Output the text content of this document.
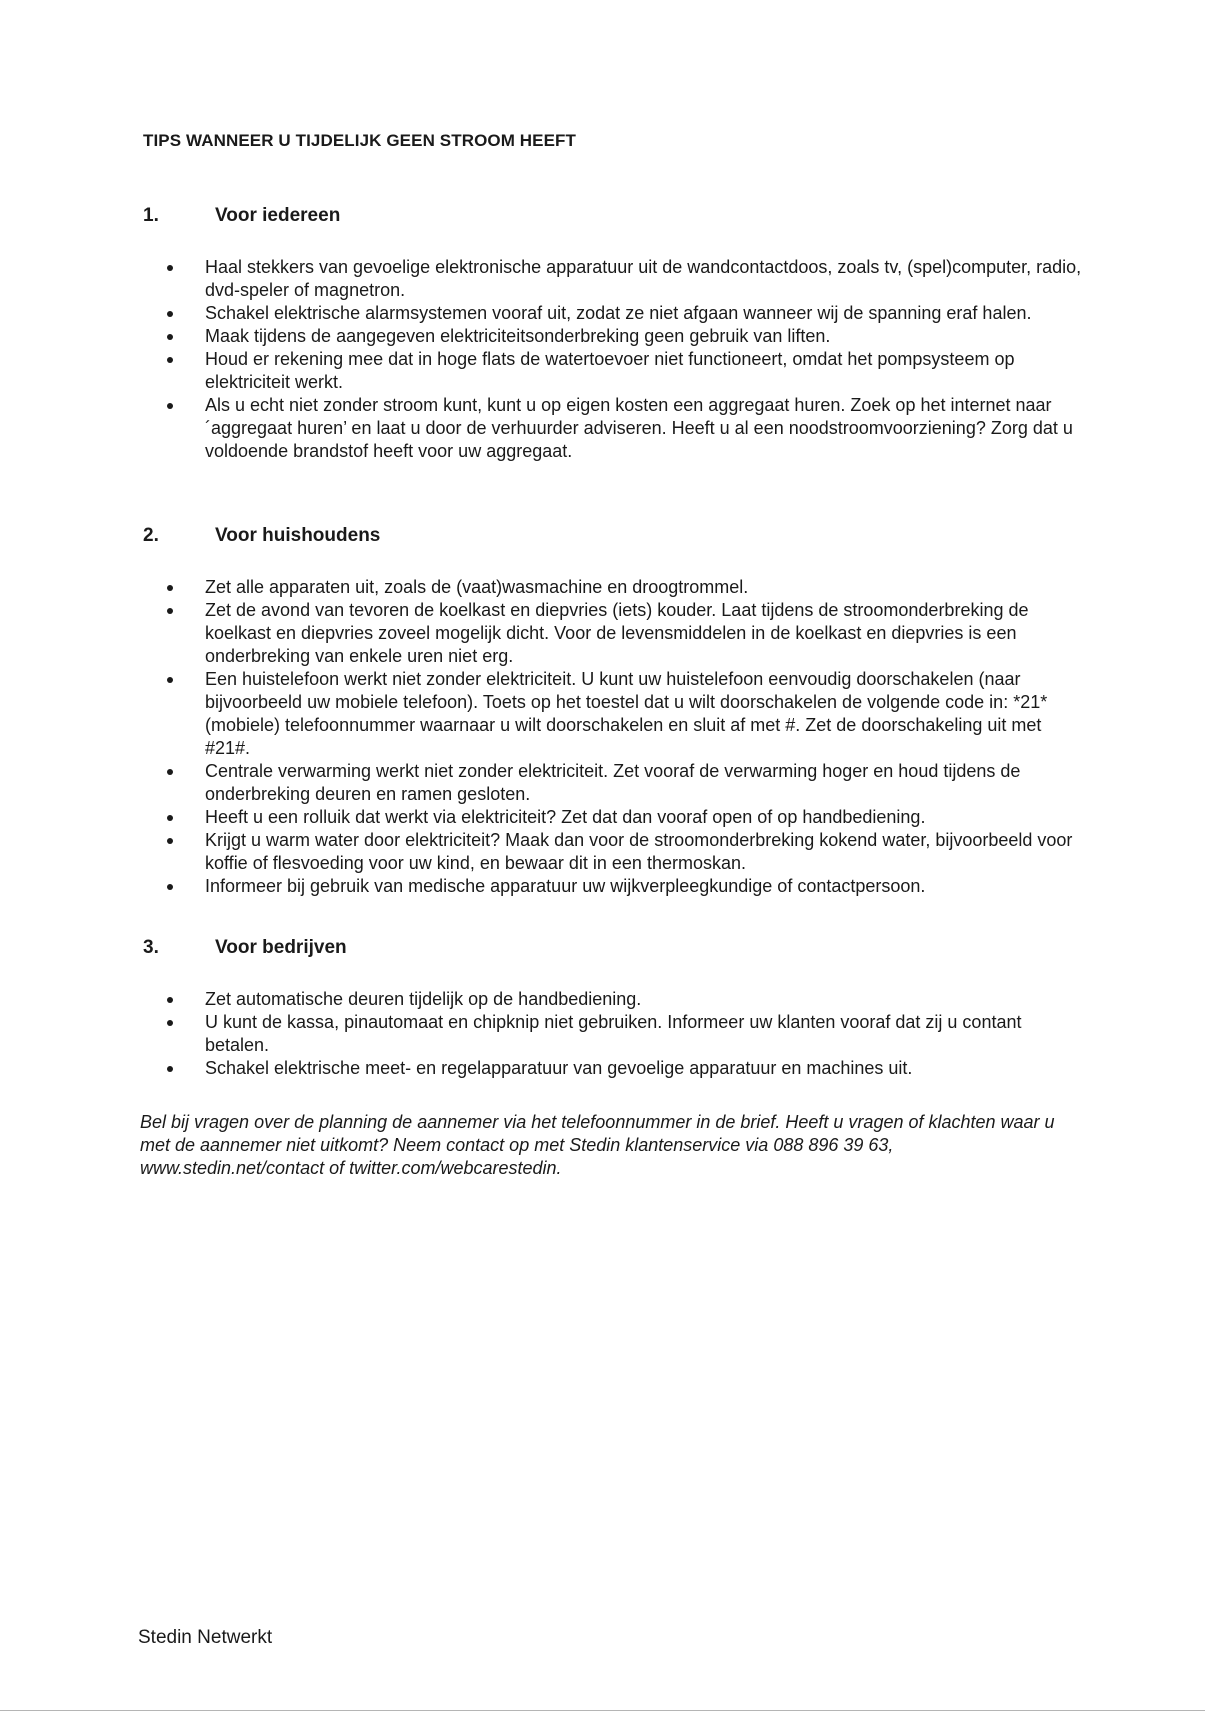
TIPS WANNEER U TIJDELIJK GEEN STROOM HEEFT
1.	Voor iedereen
Haal stekkers van gevoelige elektronische apparatuur uit de wandcontactdoos, zoals tv, (spel)computer, radio, dvd-speler of magnetron.
Schakel elektrische alarmsystemen vooraf uit, zodat ze niet afgaan wanneer wij de spanning eraf halen.
Maak tijdens de aangegeven elektriciteitsonderbreking geen gebruik van liften.
Houd er rekening mee dat in hoge flats de watertoevoer niet functioneert, omdat het pompsysteem op elektriciteit werkt.
Als u echt niet zonder stroom kunt, kunt u op eigen kosten een aggregaat huren. Zoek op het internet naar ´aggregaat huren’ en laat u door de verhuurder adviseren. Heeft u al een noodstroomvoorziening? Zorg dat u voldoende brandstof heeft voor uw aggregaat.
2.	Voor huishoudens
Zet alle apparaten uit, zoals de (vaat)wasmachine en droogtrommel.
Zet de avond van tevoren de koelkast en diepvries (iets) kouder. Laat tijdens de stroomonderbreking de koelkast en diepvries zoveel mogelijk dicht. Voor de levensmiddelen in de koelkast en diepvries is een onderbreking van enkele uren niet erg.
Een huistelefoon werkt niet zonder elektriciteit. U kunt uw huistelefoon eenvoudig doorschakelen (naar bijvoorbeeld uw mobiele telefoon). Toets op het toestel dat u wilt doorschakelen de volgende code in: *21*(mobiele) telefoonnummer waarnaar u wilt doorschakelen en sluit af met #. Zet de doorschakeling uit met #21#.
Centrale verwarming werkt niet zonder elektriciteit. Zet vooraf de verwarming hoger en houd tijdens de onderbreking deuren en ramen gesloten.
Heeft u een rolluik dat werkt via elektriciteit? Zet dat dan vooraf open of op handbediening.
Krijgt u warm water door elektriciteit? Maak dan voor de stroomonderbreking kokend water, bijvoorbeeld voor koffie of flesvoeding voor uw kind, en bewaar dit in een thermoskan.
Informeer bij gebruik van medische apparatuur uw wijkverpleegkundige of contactpersoon.
3.	Voor bedrijven
Zet automatische deuren tijdelijk op de handbediening.
U kunt de kassa, pinautomaat en chipknip niet gebruiken. Informeer uw klanten vooraf dat zij u contant betalen.
Schakel elektrische meet- en regelapparatuur van gevoelige apparatuur en machines uit.

Bel bij vragen over de planning de aannemer via het telefoonnummer in de brief. Heeft u vragen of klachten waar u met de aannemer niet uitkomt? Neem contact op met Stedin klantenservice via 088 896 39 63, www.stedin.net/contact of twitter.com/webcarestedin.

Stedin Netwerkt
